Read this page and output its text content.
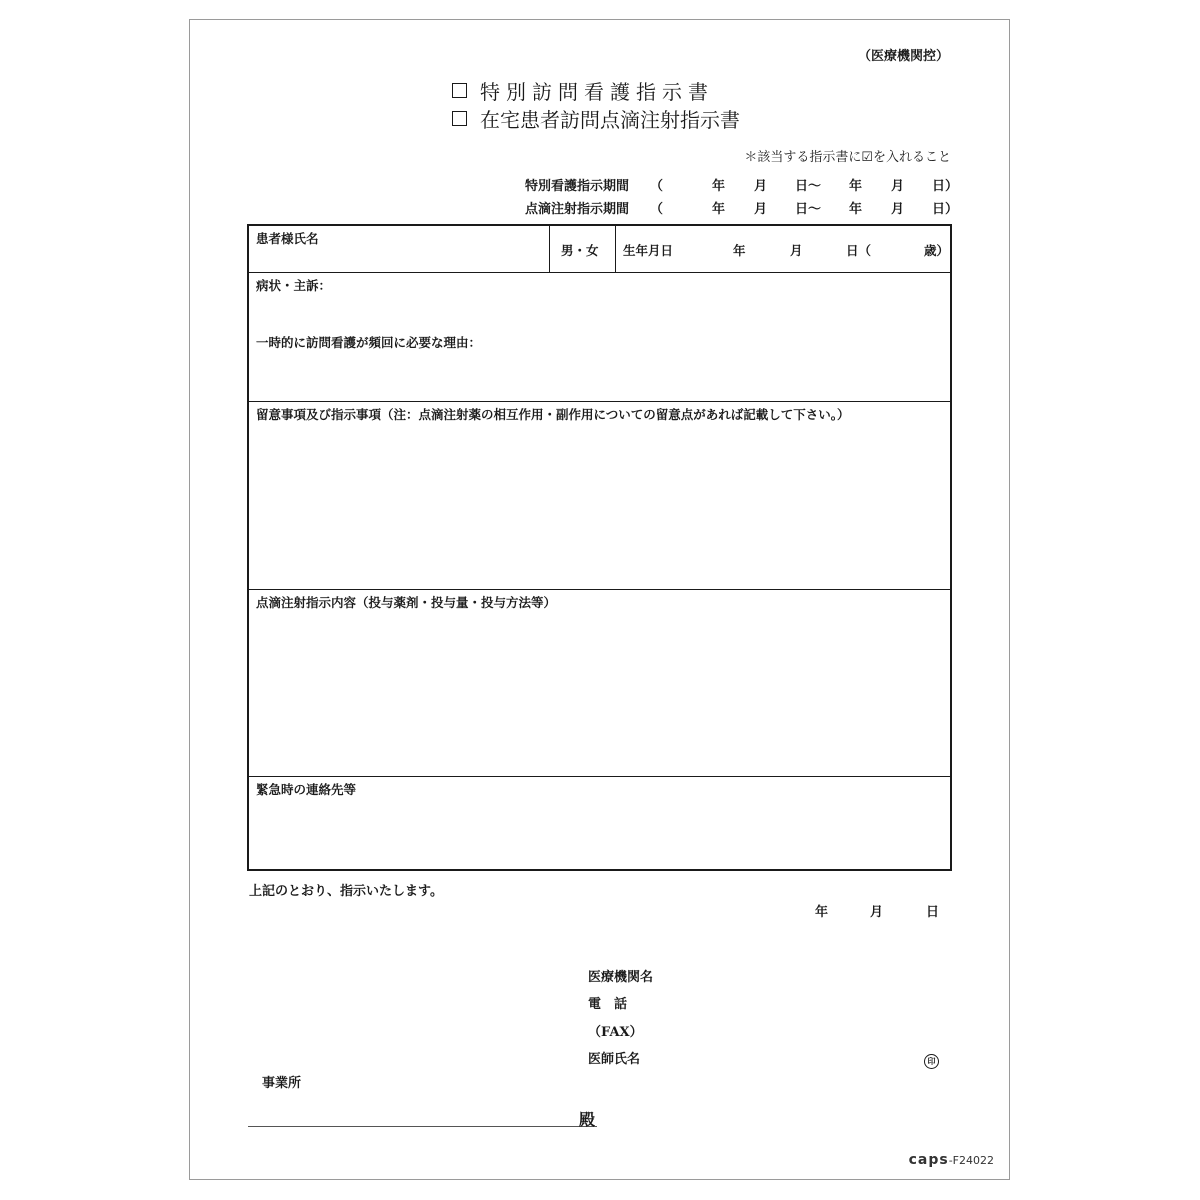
（医療機関控）
特別訪問看護指示書
在宅患者訪問点滴注射指示書
＊該当する指示書に☑を入れること
特別看護指示期間 （	年 月 日〜 年 月 日）
点滴注射指示期間 （	年 月 日〜 年 月 日）
患者様氏名
男・女 生年月日	年	月	日（	歳）
病状・主訴：
一時的に訪問看護が頻回に必要な理由：
留意事項及び指示事項（注：点滴注射薬の相互作用・副作用についての留意点があれば記載して下さい。）
点滴注射指示内容（投与薬剤・投与量・投与方法等）
緊急時の連絡先等
上記のとおり、指示いたします。
年	月	日
医療機関名
電　話
（FAX）
医師氏名	印
事業所
殿
caps-F24022
